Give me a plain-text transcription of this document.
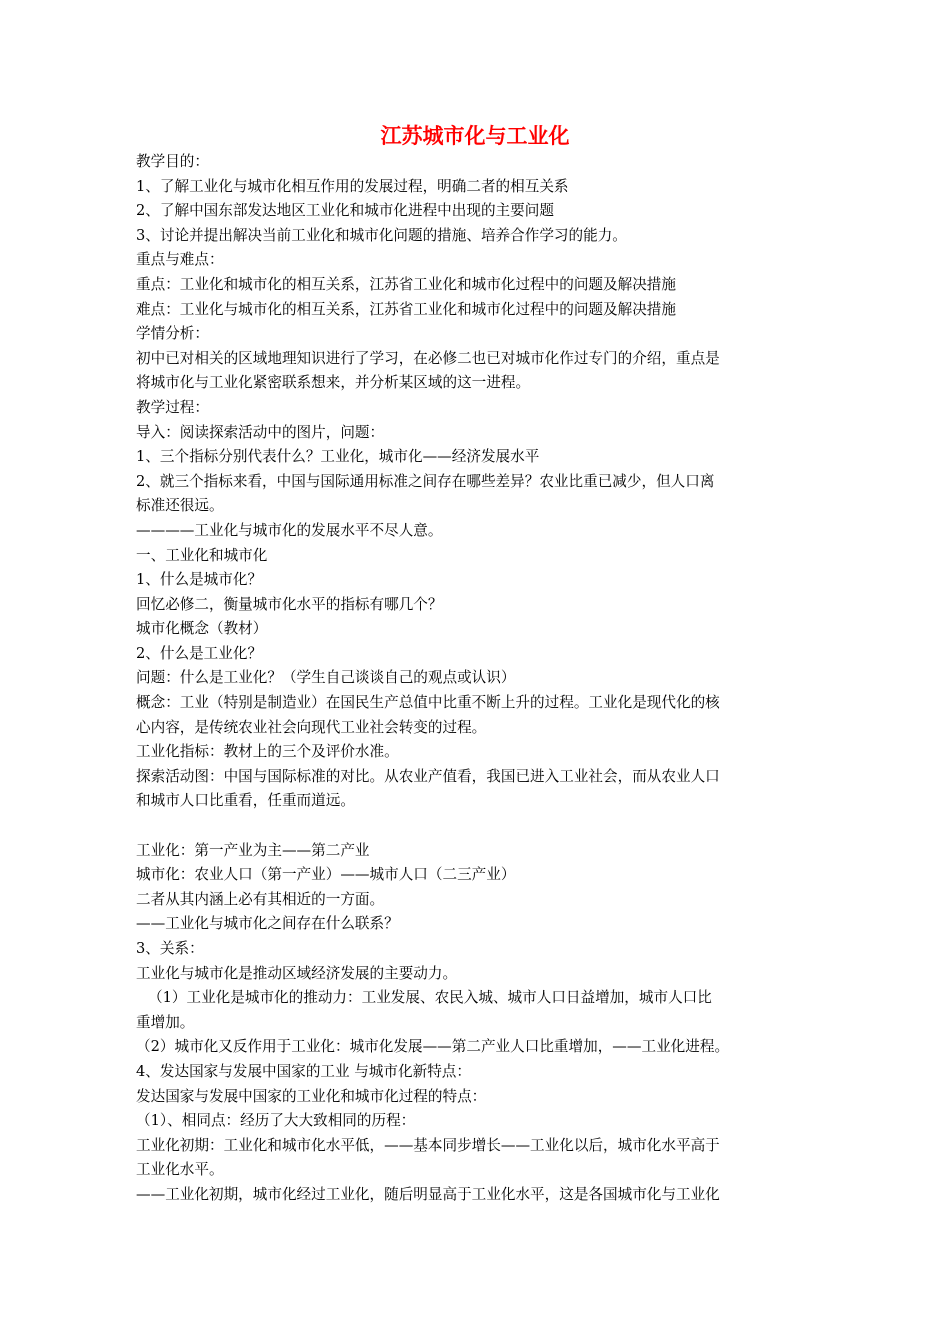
江苏城市化与工业化

教学目的：

1、了解工业化与城市化相互作用的发展过程，明确二者的相互关系

2、了解中国东部发达地区工业化和城市化进程中出现的主要问题

3、讨论并提出解决当前工业化和城市化问题的措施、培养合作学习的能力。

重点与难点：

重点：工业化和城市化的相互关系，江苏省工业化和城市化过程中的问题及解决措施

难点：工业化与城市化的相互关系，江苏省工业化和城市化过程中的问题及解决措施

学情分析：

初中已对相关的区域地理知识进行了学习，在必修二也已对城市化作过专门的介绍，重点是

将城市化与工业化紧密联系想来，并分析某区域的这一进程。

教学过程：

导入：阅读探索活动中的图片，问题：

1、三个指标分别代表什么？工业化，城市化——经济发展水平

2、就三个指标来看，中国与国际通用标准之间存在哪些差异？农业比重已减少，但人口离

标准还很远。

————工业化与城市化的发展水平不尽人意。

一、工业化和城市化

1、什么是城市化？

回忆必修二，衡量城市化水平的指标有哪几个？

城市化概念（教材）

2、什么是工业化？

问题：什么是工业化？（学生自己谈谈自己的观点或认识）

概念：工业（特别是制造业）在国民生产总值中比重不断上升的过程。工业化是现代化的核

心内容，是传统农业社会向现代工业社会转变的过程。

工业化指标：教材上的三个及评价水准。

探索活动图：中国与国际标准的对比。从农业产值看，我国已进入工业社会，而从农业人口

和城市人口比重看，任重而道远。

工业化：第一产业为主——第二产业

城市化：农业人口（第一产业）——城市人口（二三产业）

二者从其内涵上必有其相近的一方面。

——工业化与城市化之间存在什么联系？

3、关系：

工业化与城市化是推动区域经济发展的主要动力。

（1）工业化是城市化的推动力：工业发展、农民入城、城市人口日益增加，城市人口比

重增加。

（2）城市化又反作用于工业化：城市化发展——第二产业人口比重增加，——工业化进程。

4、发达国家与发展中国家的工业 与城市化新特点：

发达国家与发展中国家的工业化和城市化过程的特点：

（1）、相同点：经历了大大致相同的历程：

工业化初期：工业化和城市化水平低，——基本同步增长——工业化以后，城市化水平高于

工业化水平。

——工业化初期，城市化经过工业化，随后明显高于工业化水平，这是各国城市化与工业化
